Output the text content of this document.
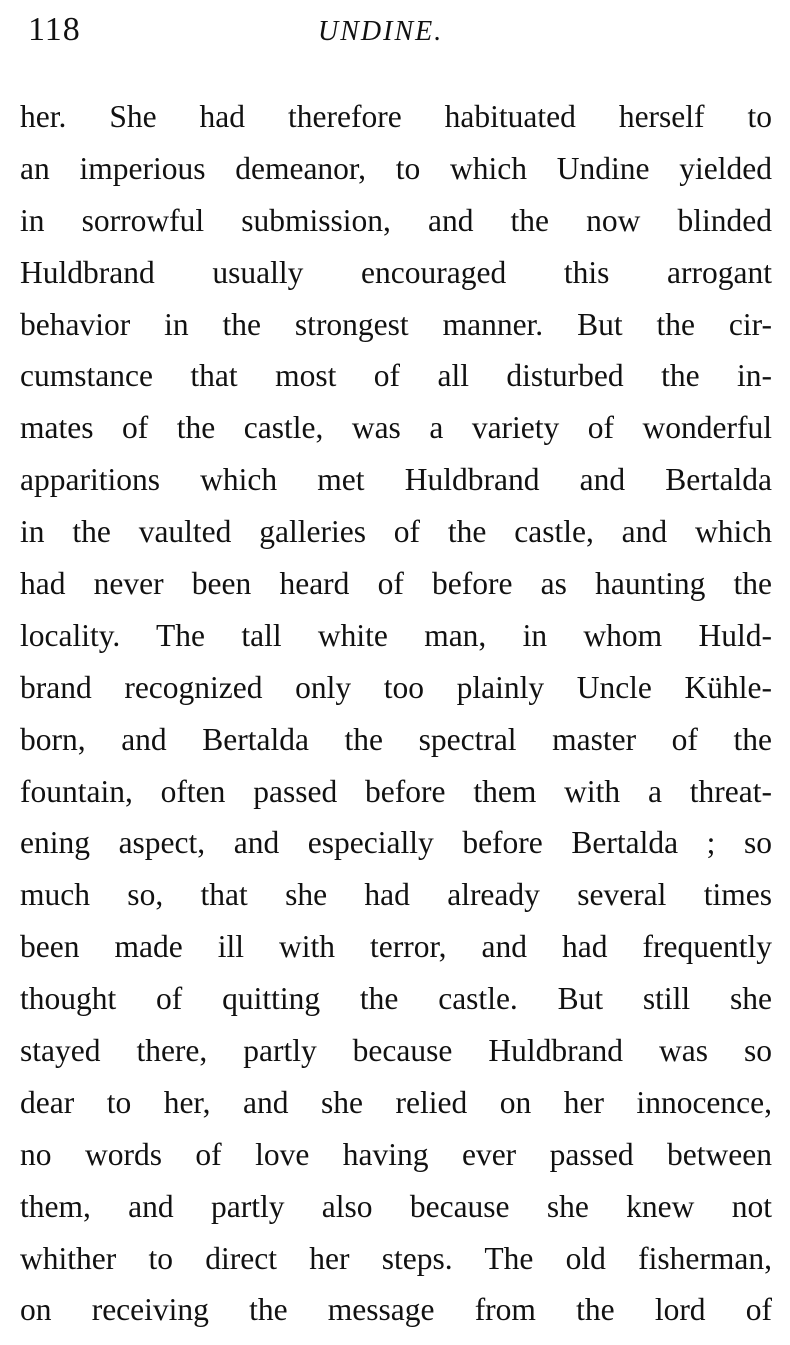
118	UNDINE.
her. She had therefore habituated herself to
an imperious demeanor, to which Undine yielded
in sorrowful submission, and the now blinded
Huldbrand usually encouraged this arrogant
behavior in the strongest manner. But the cir-
cumstance that most of all disturbed the in-
mates of the castle, was a variety of wonderful
apparitions which met Huldbrand and Bertalda
in the vaulted galleries of the castle, and which
had never been heard of before as haunting the
locality. The tall white man, in whom Huld-
brand recognized only too plainly Uncle Kühle-
born, and Bertalda the spectral master of the
fountain, often passed before them with a threat-
ening aspect, and especially before Bertalda ; so
much so, that she had already several times
been made ill with terror, and had frequently
thought of quitting the castle. But still she
stayed there, partly because Huldbrand was so
dear to her, and she relied on her innocence,
no words of love having ever passed between
them, and partly also because she knew not
whither to direct her steps. The old fisherman,
on receiving the message from the lord of
